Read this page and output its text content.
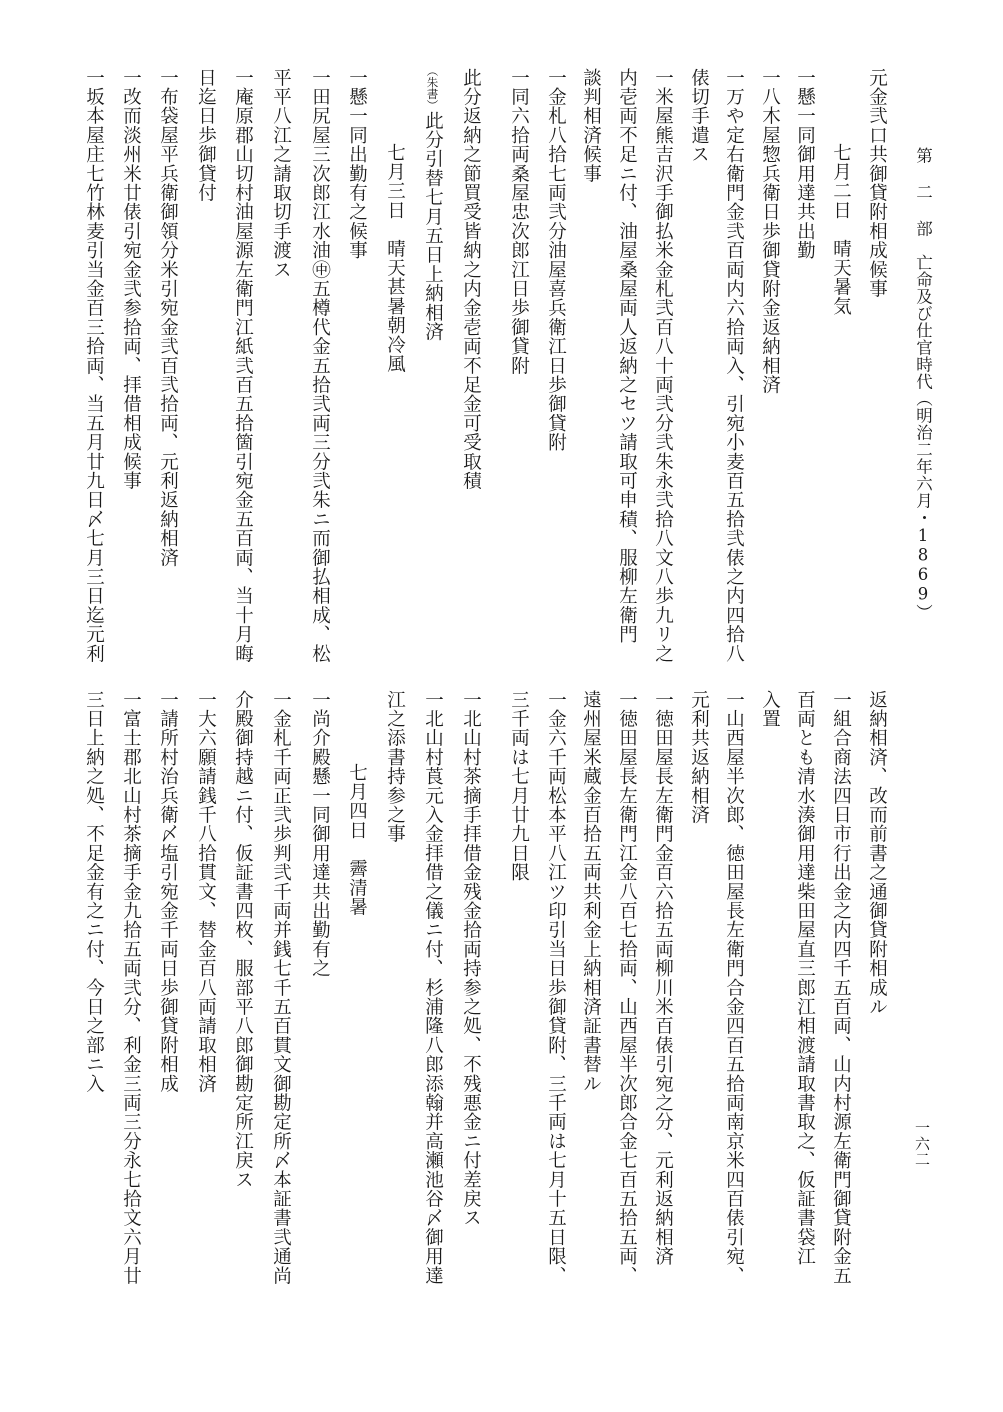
第 二 部　亡命及び仕官時代（明治二年六月・1869）
一六二
元金弐口共御貸附相成候事
七月二日　晴天暑気
一懸一同御用達共出勤
一八木屋惣兵衛日歩御貸附金返納相済
一万や定右衛門金弐百両内六拾両入、引宛小麦百五拾弐俵之内四拾八
俵切手遣ス
一米屋熊吉沢手御払米金札弐百八十両弐分弐朱永弐拾八文八歩九リ之
内壱両不足ニ付、油屋桑屋両人返納之セツ請取可申積、服柳左衛門
談判相済候事
一金札八拾七両弐分油屋喜兵衛江日歩御貸附
一同六拾両桑屋忠次郎江日歩御貸附
此分返納之節買受皆納之内金壱両不足金可受取積
（朱書）此分引替七月五日上納相済
七月三日　晴天甚暑朝冷風
一懸一同出勤有之候事
一田尻屋三次郎江水油㊥五樽代金五拾弐両三分弐朱ニ而御払相成、松
平平八江之請取切手渡ス
一庵原郡山切村油屋源左衛門江紙弐百五拾箇引宛金五百両、当十月晦
日迄日歩御貸付
一布袋屋平兵衛御領分米引宛金弐百弐拾両、元利返納相済
一改而淡州米廿俵引宛金弐参拾両、拝借相成候事
一坂本屋庄七竹林麦引当金百三拾両、当五月廿九日〆七月三日迄元利
返納相済、改而前書之通御貸附相成ル
一組合商法四日市行出金之内四千五百両、山内村源左衛門御貸附金五
百両とも清水湊御用達柴田屋直三郎江相渡請取書取之、仮証書袋江
入置
一山西屋半次郎、徳田屋長左衛門合金四百五拾両南京米四百俵引宛、
元利共返納相済
一徳田屋長左衛門金百六拾五両柳川米百俵引宛之分、元利返納相済
一徳田屋長左衛門江金八百七拾両、山西屋半次郎合金七百五拾五両、
遠州屋米蔵金百拾五両共利金上納相済証書替ル
一金六千両松本平八江ツ印引当日歩御貸附、三千両は七月十五日限、
三千両は七月廿九日限
一北山村茶摘手拝借金残金拾両持参之処、不残悪金ニ付差戻ス
一北山村莨元入金拝借之儀ニ付、杉浦隆八郎添翰并高瀬池谷〆御用達
江之添書持参之事
七月四日　霽清暑
一尚介殿懸一同御用達共出勤有之
一金札千両正弐歩判弐千両并銭七千五百貫文御勘定所〆本証書弐通尚
介殿御持越ニ付、仮証書四枚、服部平八郎御勘定所江戻ス
一大六願請銭千八拾貫文、替金百八両請取相済
一請所村治兵衛〆塩引宛金千両日歩御貸附相成
一富士郡北山村茶摘手金九拾五両弐分、利金三両三分永七拾文六月廿
三日上納之処、不足金有之ニ付、今日之部ニ入
